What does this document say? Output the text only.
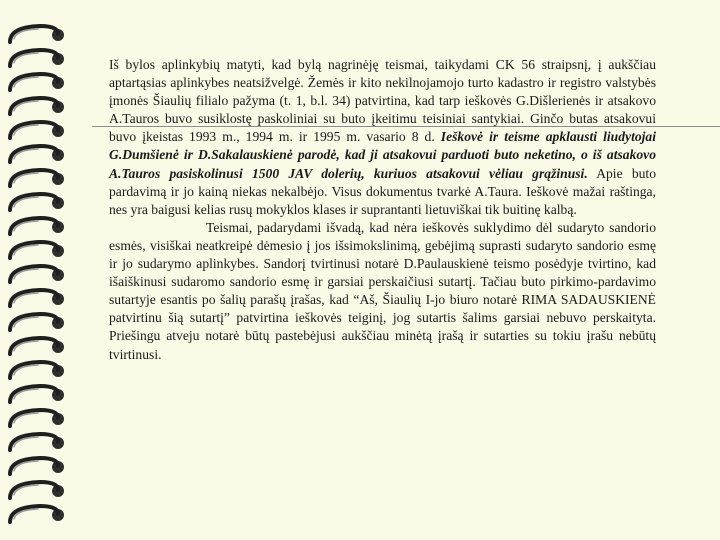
Iš bylos aplinkybių matyti, kad bylą nagrinėję teismai, taikydami CK 56 straipsnį, į aukščiau aptartąsias aplinkybes neatsižvelgė. Žemės ir kito nekilnojamojo turto kadastro ir registro valstybės įmonės Šiaulių filialo pažyma (t. 1, b.l. 34) patvirtina, kad tarp ieškovės G.Dišlerienės ir atsakovo A.Tauros buvo susiklostę paskoliniai su buto įkeitimu teisiniai santykiai. Ginčo butas atsakovui buvo įkeistas 1993 m., 1994 m. ir 1995 m. vasario 8 d. Ieškovė ir teisme apklausti liudytojai G.Dumšienė ir D.Sakalauskienė parodė, kad ji atsakovui parduoti buto neketino, o iš atsakovo A.Tauros pasiskolinusi 1500 JAV dolerių, kuriuos atsakovui vėliau grąžinusi. Apie buto pardavimą ir jo kainą niekas nekalbėjo. Visus dokumentus tvarkė A.Taura. Ieškovė mažai raštinga, nes yra baigusi kelias rusų mokyklos klases ir suprantanti lietuviškai tik buitinę kalbą.

Teismai, padarydami išvadą, kad nėra ieškovės suklydimo dėl sudaryto sandorio esmės, visiškai neatkreipė dėmesio į jos išsimokslinimą, gebėjimą suprasti sudaryto sandorio esmę ir jo sudarymo aplinkybes. Sandorį tvirtinusi notarė D.Paulauskienė teismo posėdyje tvirtino, kad išaiškinusi sudaromo sandorio esmę ir garsiai perskaičiusi sutartį. Tačiau buto pirkimo-pardavimo sutartyje esantis po šalių parašų įrašas, kad “Aš, Šiaulių I-jo biuro notarė RIMA SADAUSKIENĖ patvirtinu šią sutartį” patvirtina ieškovės teiginį, jog sutartis šalims garsiai nebuvo perskaityta. Priešingu atveju notarė būtų pastebėjusi aukščiau minėtą įrašą ir sutarties su tokiu įrašu nebūtų tvirtinusi.
